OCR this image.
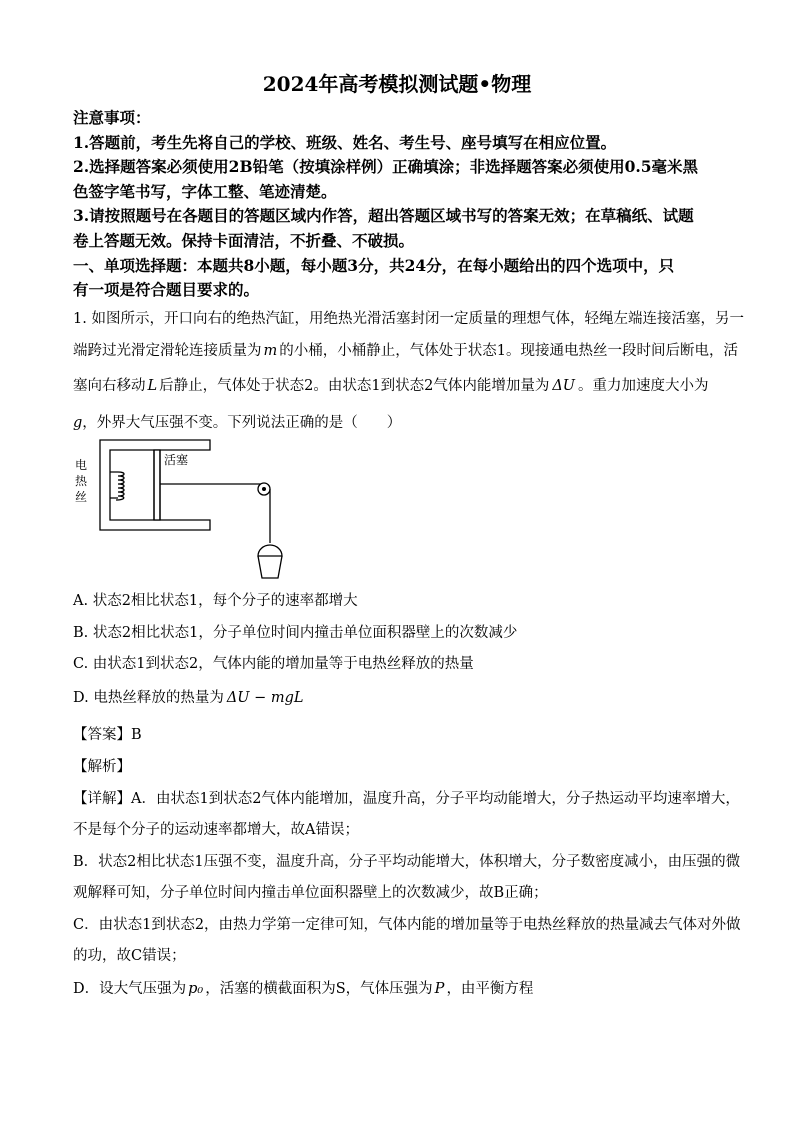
2024年高考模拟测试题•物理
注意事项：
1.答题前，考生先将自己的学校、班级、姓名、考生号、座号填写在相应位置。
2.选择题答案必须使用2B铅笔（按填涂样例）正确填涂；非选择题答案必须使用0.5毫米黑
色签字笔书写，字体工整、笔迹清楚。
3.请按照题号在各题目的答题区域内作答，超出答题区域书写的答案无效；在草稿纸、试题
卷上答题无效。保持卡面清洁，不折叠、不破损。
一、单项选择题：本题共8小题，每小题3分，共24分，在每小题给出的四个选项中，只
有一项是符合题目要求的。
1. 如图所示，开口向右的绝热汽缸，用绝热光滑活塞封闭一定质量的理想气体，轻绳左端连接活塞，另一
端跨过光滑定滑轮连接质量为 m 的小桶，小桶静止，气体处于状态1。现接通电热丝一段时间后断电，活
塞向右移动 L 后静止，气体处于状态2。由状态1到状态2气体内能增加量为 ΔU 。重力加速度大小为
g，外界大气压强不变。下列说法正确的是（　　）
电
热
丝
活塞
A. 状态2相比状态1，每个分子的速率都增大
B. 状态2相比状态1，分子单位时间内撞击单位面积器壁上的次数减少
C. 由状态1到状态2，气体内能的增加量等于电热丝释放的热量
D. 电热丝释放的热量为 ΔU − mgL
【答案】B
【解析】
【详解】A．由状态1到状态2气体内能增加，温度升高，分子平均动能增大，分子热运动平均速率增大，
不是每个分子的运动速率都增大，故A错误；
B．状态2相比状态1压强不变，温度升高，分子平均动能增大，体积增大，分子数密度减小，由压强的微
观解释可知，分子单位时间内撞击单位面积器壁上的次数减少，故B正确；
C．由状态1到状态2，由热力学第一定律可知，气体内能的增加量等于电热丝释放的热量减去气体对外做
的功，故C错误；
D．设大气压强为 p₀ ，活塞的横截面积为S，气体压强为 P ，由平衡方程
